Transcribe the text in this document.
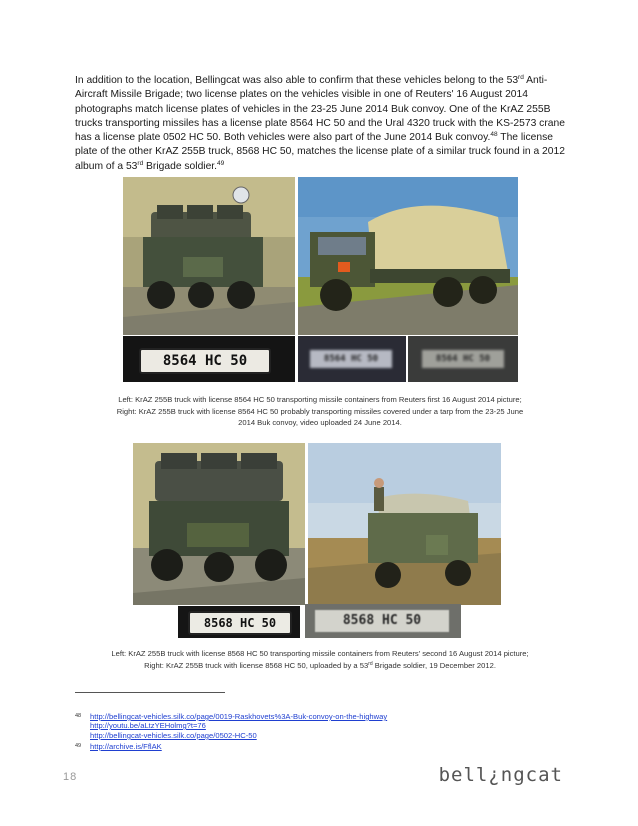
In addition to the location, Bellingcat was also able to confirm that these vehicles belong to the 53rd Anti-Aircraft Missile Brigade; two license plates on the vehicles visible in one of Reuters' 16 August 2014 photographs match license plates of vehicles in the 23-25 June 2014 Buk convoy. One of the KrAZ 255B trucks transporting missiles has a license plate 8564 HC 50 and the Ural 4320 truck with the KS-2573 crane has a license plate 0502 HC 50. Both vehicles were also part of the June 2014 Buk convoy.$^{48}$ The license plate of the other KrAZ 255B truck, 8568 HC 50, matches the license plate of a similar truck found in a 2012 album of a 53rd Brigade soldier.$^{49}$
8564 HC 50	8564 HC 50	8564 HC 50
Left: KrAZ 255B truck with license 8564 HC 50 transporting missile containers from Reuters first 16 August 2014 picture;
Right: KrAZ 255B truck with license 8564 HC 50 probably transporting missiles covered under a tarp from the 23-25 June
2014 Buk convoy, video uploaded 24 June 2014.
8568 HC 50	8568 HC 50
Left: KrAZ 255B truck with license 8568 HC 50 transporting missile containers from Reuters' second 16 August 2014 picture;
Right: KrAZ 255B truck with license 8568 HC 50, uploaded by a 53rd Brigade soldier, 19 December 2012.
48 http://bellingcat-vehicles.silk.co/page/0019-Raskhovets%3A-Buk-convoy-on-the-highway
http://youtu.be/aLtzYEHolmg?t=76
http://bellingcat-vehicles.silk.co/page/0502-HC-50
49 http://archive.is/FflAK
18	bell¿ngcat
